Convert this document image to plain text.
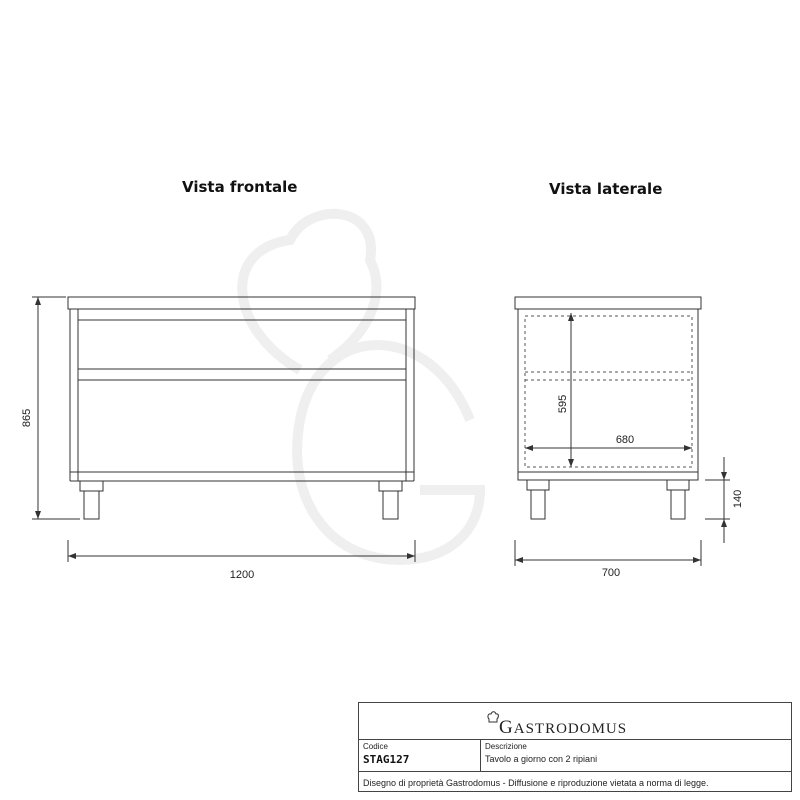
Vista frontale	Vista laterale
865
1200
595
680
700
140
GASTRODOMUS
Codice
STAG127
Descrizione
Tavolo a giorno con 2 ripiani
Disegno di proprietà Gastrodomus - Diffusione e riproduzione vietata a norma di legge.
